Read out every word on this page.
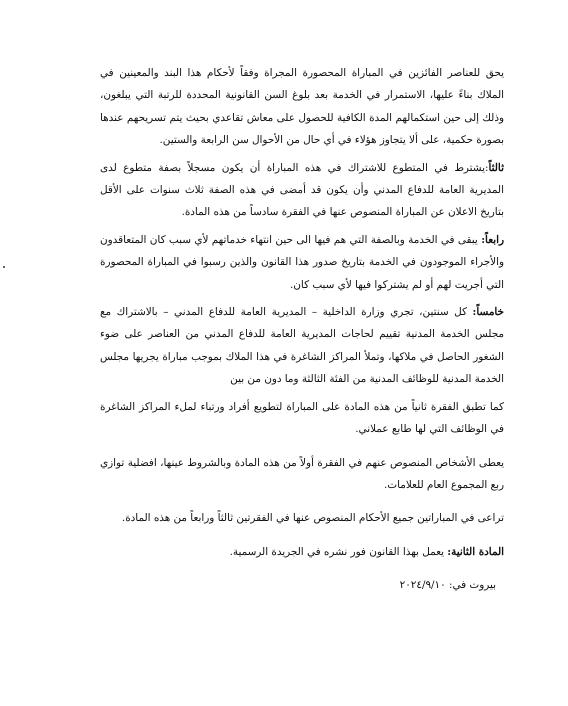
يحق للعناصر الفائزين في المباراة المحصورة المجراة وفقاً لأحكام هذا البند والمعينين في الملاك بناءً عليها، الاستمرار في الخدمة بعد بلوغ السن القانونية المحددة للرتبة التي يبلغون، وذلك إلى حين استكمالهم المدة الكافية للحصول على معاش تقاعدي بحيث يتم تسريحهم عندها بصورة حكمية، على ألا يتجاوز هؤلاء في أي حال من الأحوال سن الرابعة والستين.

ثالثاً:يشترط في المتطوع للاشتراك في هذه المباراة أن يكون مسجلاً بصفة متطوع لدى المديرية العامة للدفاع المدني وأن يكون قد أمضى في هذه الصفة ثلاث سنوات على الأقل بتاريخ الاعلان عن المباراة المنصوص عنها في الفقرة سادساً من هذه المادة.

رابعاً: يبقى في الخدمة وبالصفة التي هم فيها الى حين انتهاء خدماتهم لأي سبب كان المتعاقدون والأجراء الموجودون في الخدمة بتاريخ صدور هذا القانون والذين رسبوا في المباراة المحصورة التي أجريت لهم أو لم يشتركوا فيها لأي سبب كان.

خامساً: كل سنتين، تجري وزارة الداخلية – المديرية العامة للدفاع المدني – بالاشتراك مع مجلس الخدمة المدنية تقييم لحاجات المديرية العامة للدفاع المدني من العناصر على ضوء الشغور الحاصل في ملاكها، وتملأ المراكز الشاغرة في هذا الملاك بموجب مباراة يجريها مجلس الخدمة المدنية للوظائف المدنية من الفئة الثالثة وما دون من بين

كما تطبق الفقرة ثانياً من هذه المادة على المباراة لتطويع أفراد ورتباء لملء المراكز الشاغرة في الوظائف التي لها طابع عملاني.

يعطى الأشخاص المنصوص عنهم في الفقرة أولاً من هذه المادة وبالشروط عينها، افضلية توازي ربع المجموع العام للعلامات.

تراعى في المباراتين جميع الأحكام المنصوص عنها في الفقرتين ثالثاً ورابعاً من هذه المادة.

المادة الثانية: يعمل بهذا القانون فور نشره في الجريدة الرسمية.

بيروت في: ٢٠٢٤/٩/١٠
